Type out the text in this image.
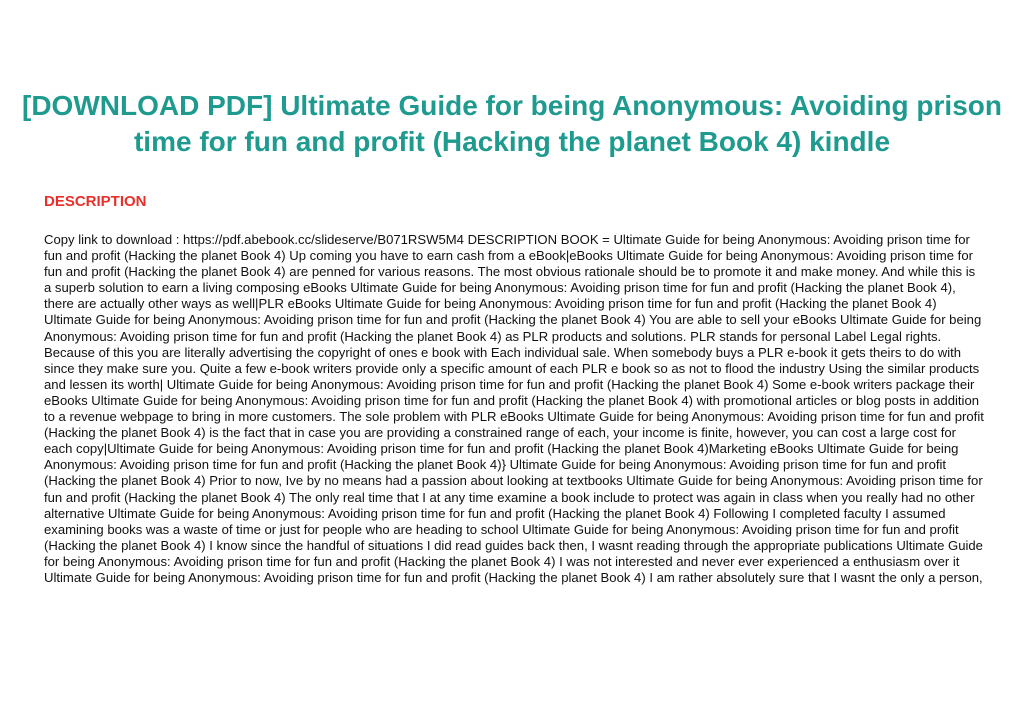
[DOWNLOAD PDF] Ultimate Guide for being Anonymous: Avoiding prison time for fun and profit (Hacking the planet Book 4) kindle
DESCRIPTION

Copy link to download : https://pdf.abebook.cc/slideserve/B071RSW5M4 DESCRIPTION BOOK = Ultimate Guide for being Anonymous: Avoiding prison time for fun and profit (Hacking the planet Book 4) Up coming you have to earn cash from a eBook|eBooks Ultimate Guide for being Anonymous: Avoiding prison time for fun and profit (Hacking the planet Book 4) are penned for various reasons. The most obvious rationale should be to promote it and make money. And while this is a superb solution to earn a living composing eBooks Ultimate Guide for being Anonymous: Avoiding prison time for fun and profit (Hacking the planet Book 4), there are actually other ways as well|PLR eBooks Ultimate Guide for being Anonymous: Avoiding prison time for fun and profit (Hacking the planet Book 4) Ultimate Guide for being Anonymous: Avoiding prison time for fun and profit (Hacking the planet Book 4) You are able to sell your eBooks Ultimate Guide for being Anonymous: Avoiding prison time for fun and profit (Hacking the planet Book 4) as PLR products and solutions. PLR stands for personal Label Legal rights. Because of this you are literally advertising the copyright of ones e book with Each individual sale. When somebody buys a PLR e-book it gets theirs to do with since they make sure you. Quite a few e-book writers provide only a specific amount of each PLR e book so as not to flood the industry Using the similar products and lessen its worth| Ultimate Guide for being Anonymous: Avoiding prison time for fun and profit (Hacking the planet Book 4) Some e-book writers package their eBooks Ultimate Guide for being Anonymous: Avoiding prison time for fun and profit (Hacking the planet Book 4) with promotional articles or blog posts in addition to a revenue webpage to bring in more customers. The sole problem with PLR eBooks Ultimate Guide for being Anonymous: Avoiding prison time for fun and profit (Hacking the planet Book 4) is the fact that in case you are providing a constrained range of each, your income is finite, however, you can cost a large cost for each copy|Ultimate Guide for being Anonymous: Avoiding prison time for fun and profit (Hacking the planet Book 4)Marketing eBooks Ultimate Guide for being Anonymous: Avoiding prison time for fun and profit (Hacking the planet Book 4)} Ultimate Guide for being Anonymous: Avoiding prison time for fun and profit (Hacking the planet Book 4) Prior to now, Ive by no means had a passion about looking at textbooks Ultimate Guide for being Anonymous: Avoiding prison time for fun and profit (Hacking the planet Book 4) The only real time that I at any time examine a book include to protect was again in class when you really had no other alternative Ultimate Guide for being Anonymous: Avoiding prison time for fun and profit (Hacking the planet Book 4) Following I completed faculty I assumed examining books was a waste of time or just for people who are heading to school Ultimate Guide for being Anonymous: Avoiding prison time for fun and profit (Hacking the planet Book 4) I know since the handful of situations I did read guides back then, I wasnt reading through the appropriate publications Ultimate Guide for being Anonymous: Avoiding prison time for fun and profit (Hacking the planet Book 4) I was not interested and never ever experienced a enthusiasm over it Ultimate Guide for being Anonymous: Avoiding prison time for fun and profit (Hacking the planet Book 4) I am rather absolutely sure that I wasnt the only a person,
